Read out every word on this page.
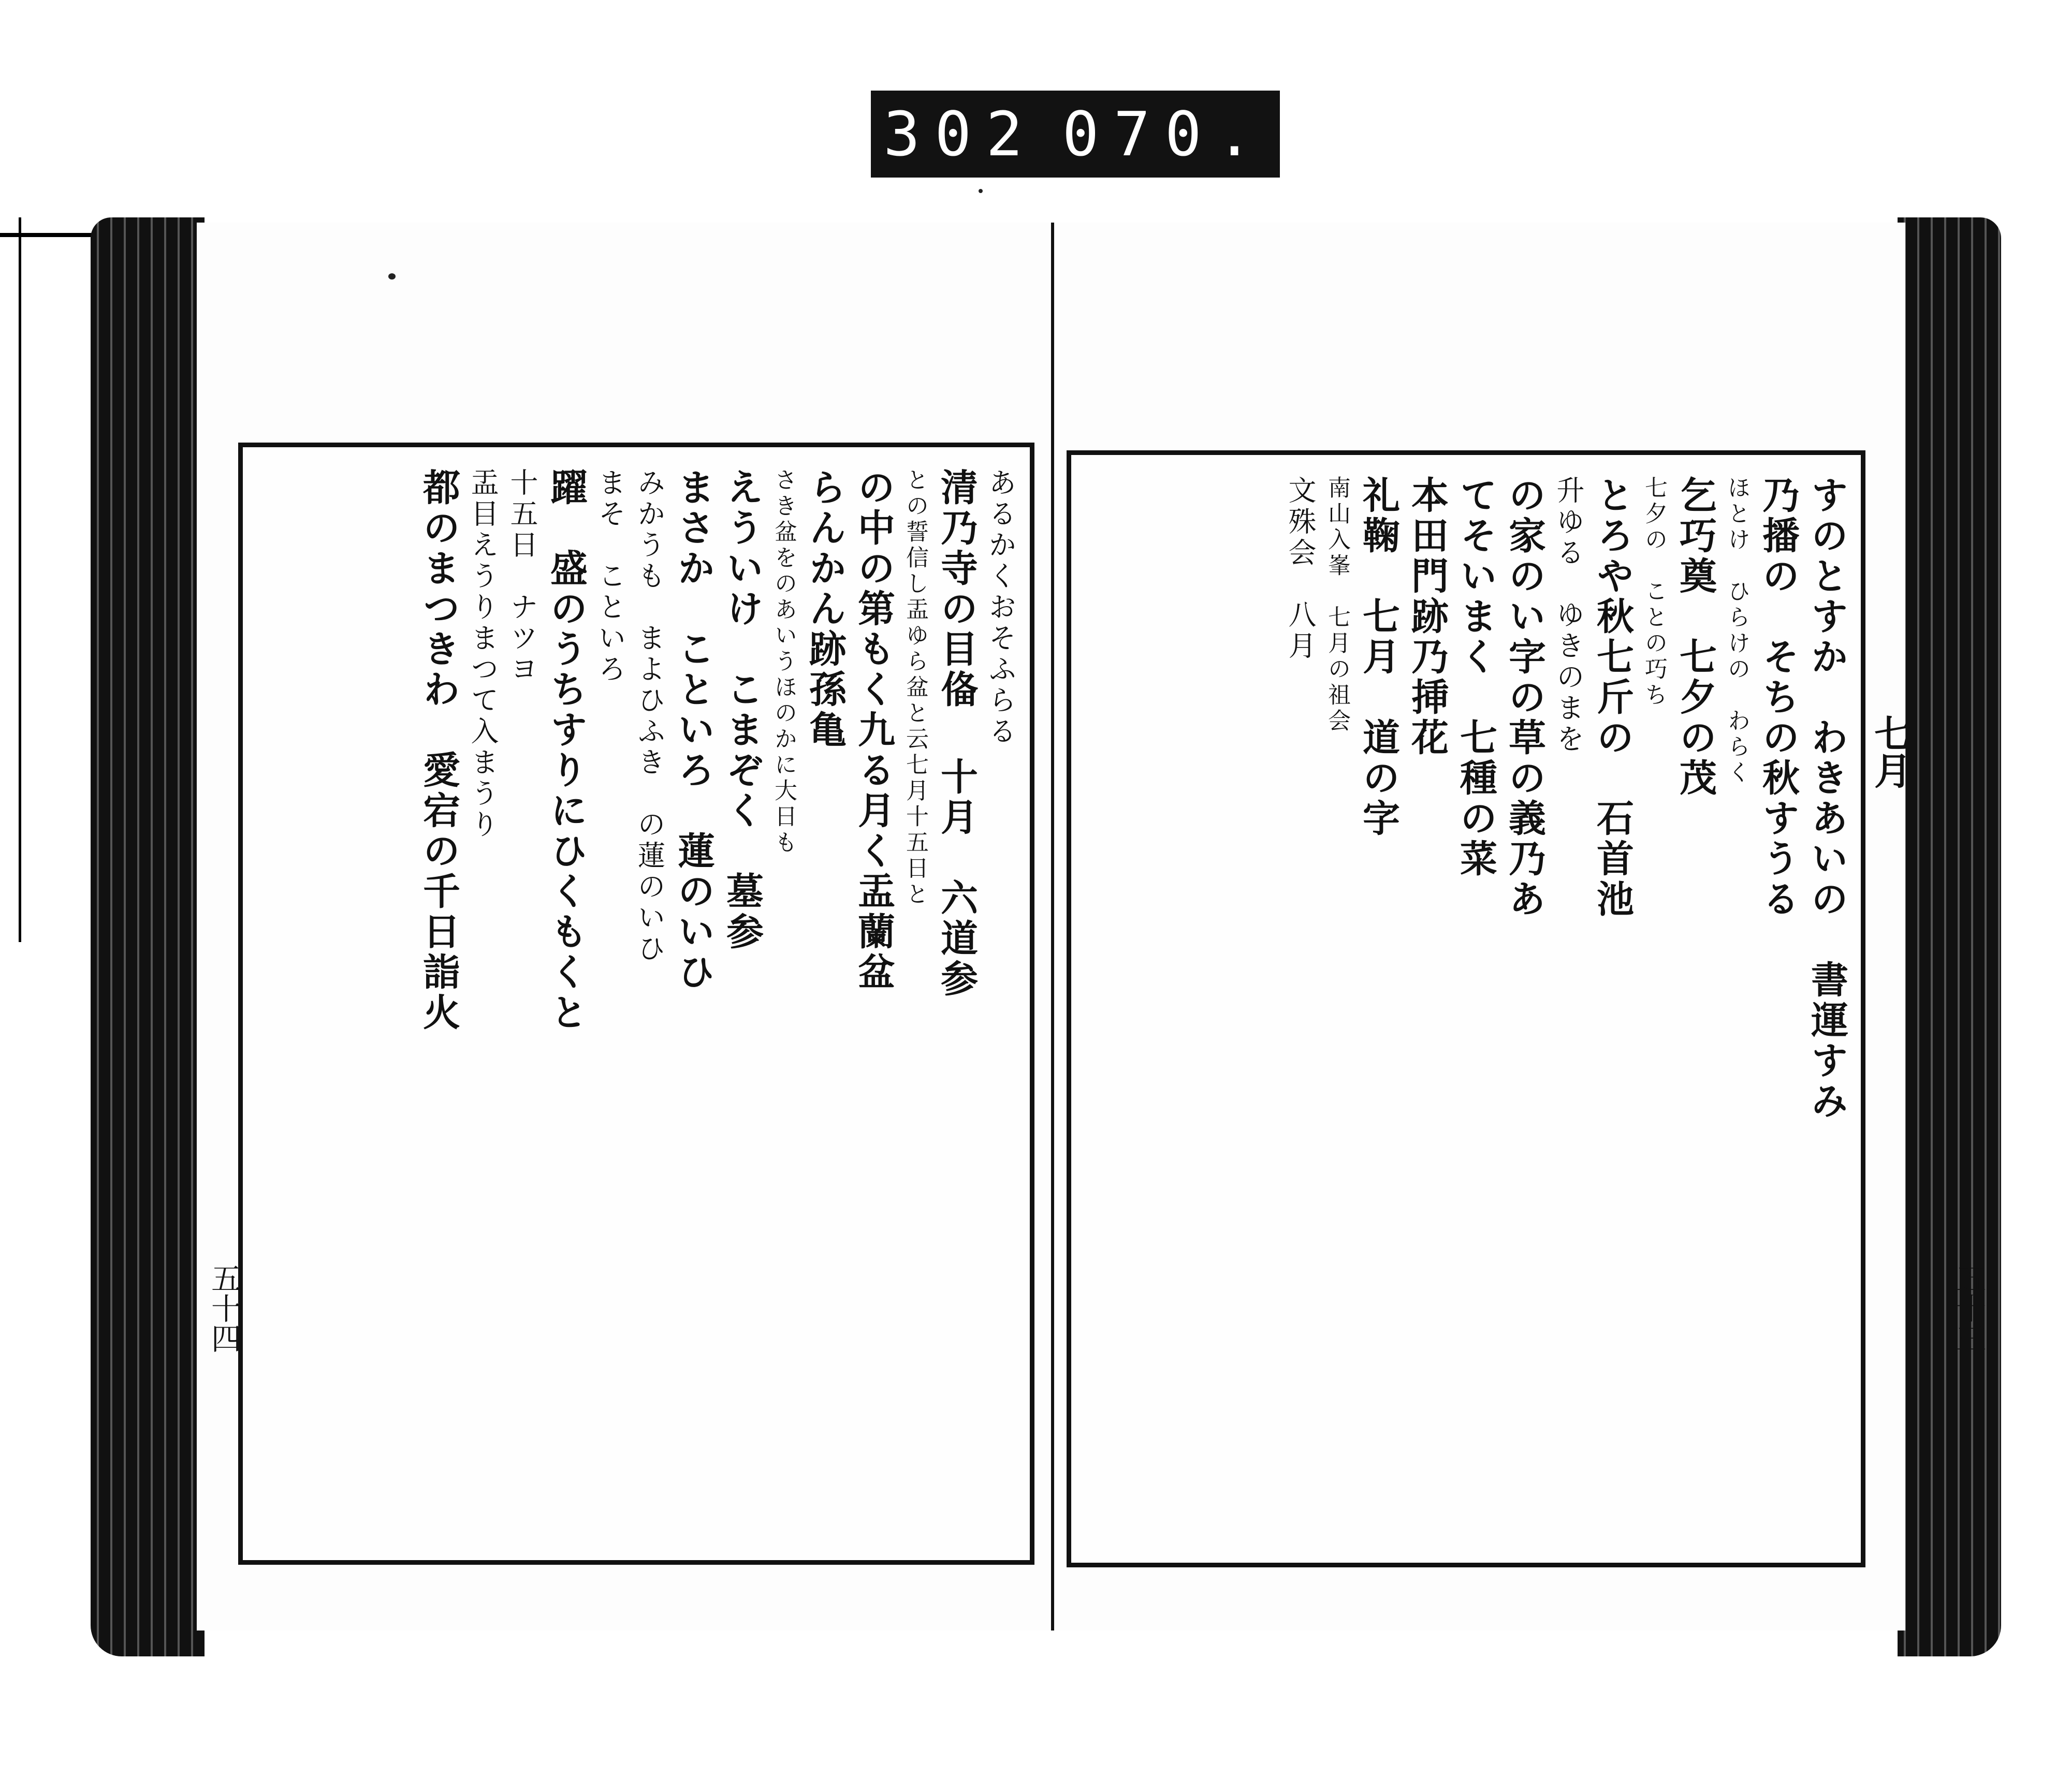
302 070.
あるかくおそふらる
清乃寺の目俻 十月　六道参
との誓信し盂ゆら盆と云七月十五日と
の中の第もく九る月く盂蘭盆
らんかん跡孫亀
さき盆をのあいうほのかに大日も
えういけ　こまぞく　墓参
まさか　こといろ　蓮のいひ
みかうも　まよひふき　の蓮のいひ
まそ　こといろ
躍　盛のうちすりにひくもくと
十五日　ナツヨ
盂目えうりまつて入まうり
都のまつきわ　愛宕の千日詣火	すのとすか　わきあいの　書運すみ
乃播の　そちの秋すうる
ほとけ　ひらけの　わらく
乞巧奠　七夕の茂
七夕の　ことの巧ち
とろや秋七斤の　石首池
升ゆる　ゆきのまを
の家のい字の草の義乃あ
てそいまく　七種の菜
本田門跡乃挿花
礼鞠　七月　道の字
南山入峯　七月の祖会
文殊会　八月
七月
五十四	五十三
